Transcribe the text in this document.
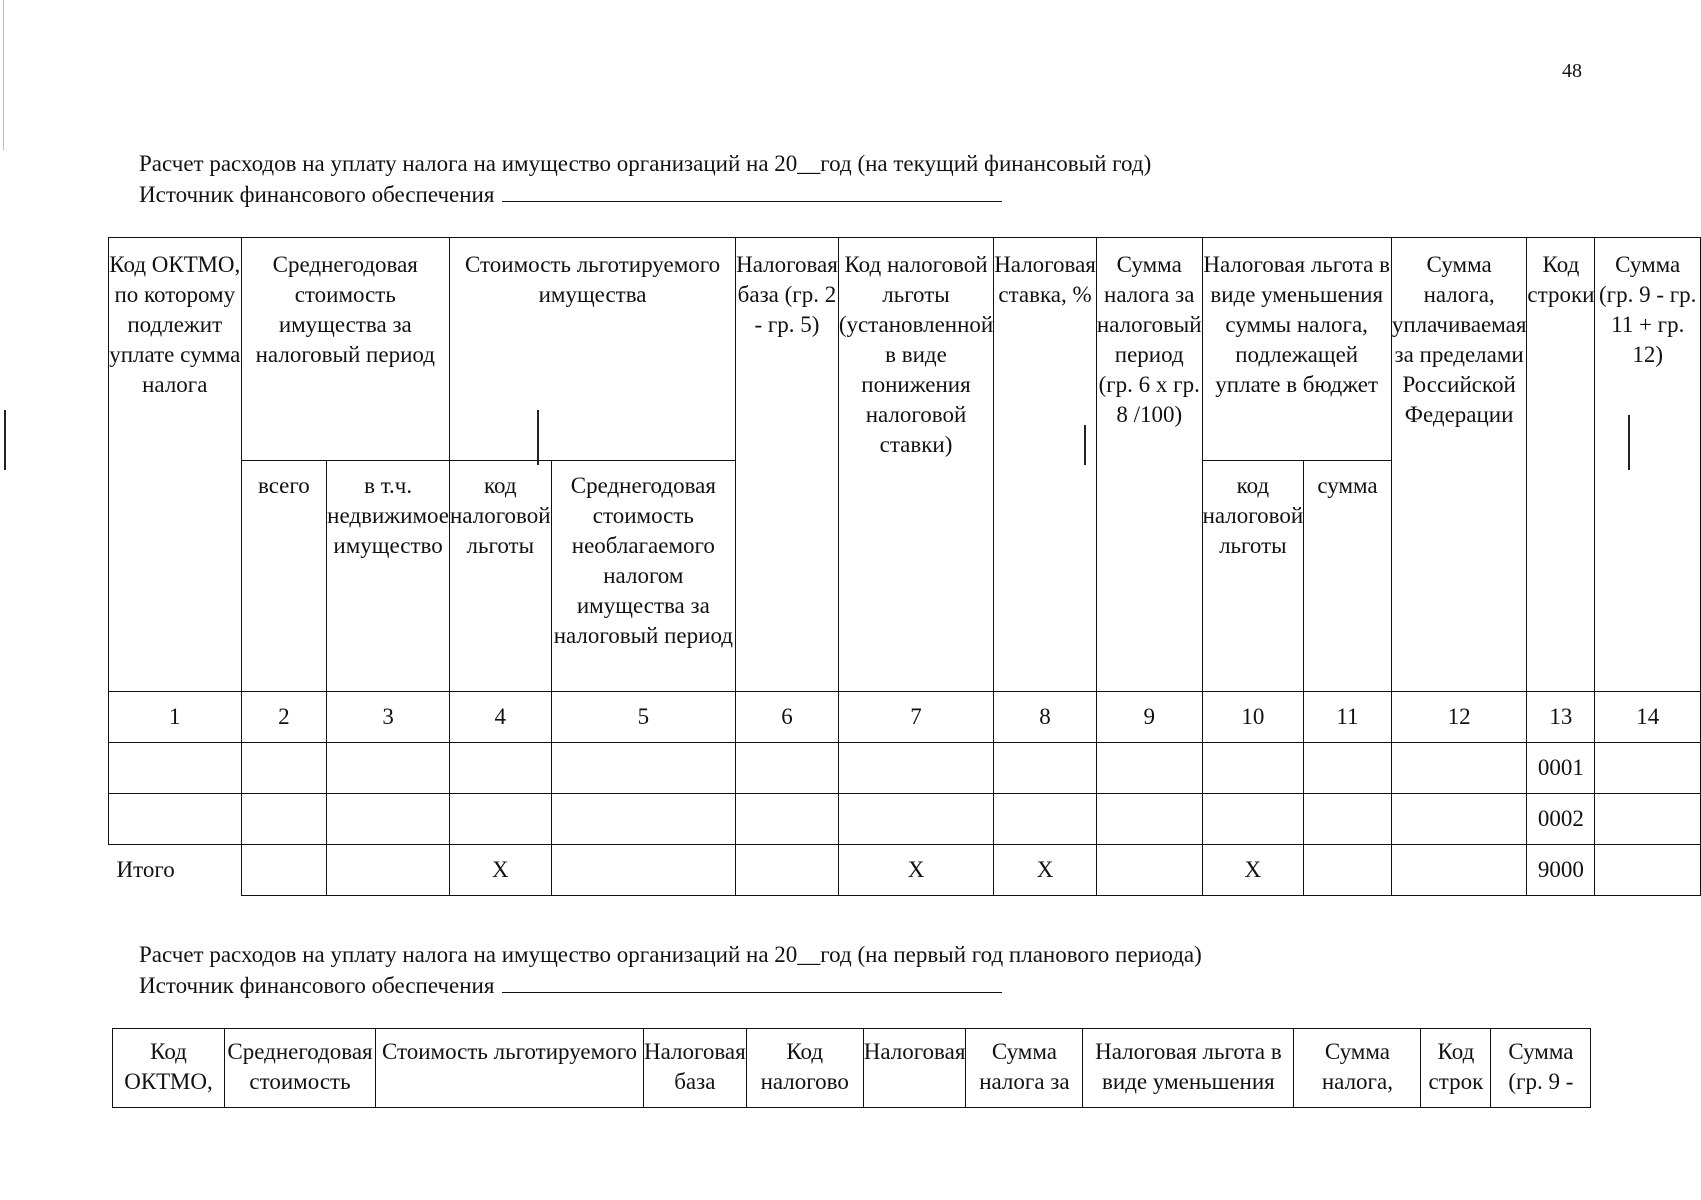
48
Расчет расходов на уплату налога на имущество организаций на 20__год (на текущий финансовый год)
Источник финансового обеспечения
Код ОКТМО, по которому подлежит уплате сумма налога	Среднегодовая стоимость имущества за налоговый период		Стоимость льготируемого имущества		Налоговая база (гр. 2 - гр. 5)	Код налоговой льготы (установленной в виде понижения налоговой ставки)	Налоговая ставка, %	Сумма налога за налоговый период (гр. 6 х гр. 8 /100)	Налоговая льгота в виде уменьшения суммы налога, подлежащей уплате в бюджет		Сумма налога, уплачиваемая за пределами Российской Федерации	Код строки	Сумма (гр. 9 - гр. 11 + гр. 12)
	всего	в т.ч. недвижимое имущество	код налоговой льготы	Среднегодовая стоимость необлагаемого налогом имущества за налоговый период					код налоговой льготы	сумма			
1	2	3	4	5	6	7	8	9	10	11	12	13	14
												0001	
												0002	
Итого			Х			Х	Х		Х			9000	
Расчет расходов на уплату налога на имущество организаций на 20__год (на первый год планового периода)
Источник финансового обеспечения
Код ОКТМО,	Среднегодовая стоимость	Стоимость льготируемого	Налоговая база	Код налогово	Налоговая	Сумма налога за	Налоговая льгота в виде уменьшения	Сумма налога,	Код строк	Сумма (гр. 9 -
